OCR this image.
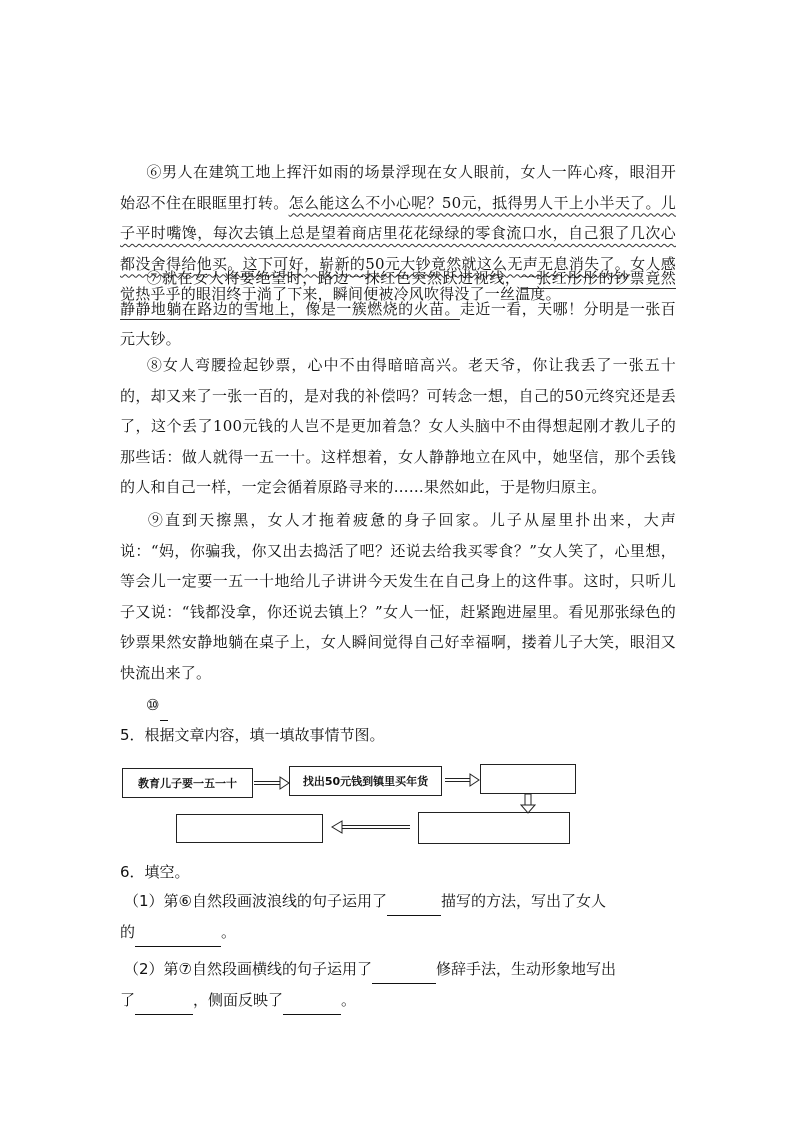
⑥男人在建筑工地上挥汗如雨的场景浮现在女人眼前，女人一阵心疼，眼泪开始忍不住在眼眶里打转。怎么能这么不小心呢？50元，抵得男人干上小半天了。儿子平时嘴馋，每次去镇上总是望着商店里花花绿绿的零食流口水，自己狠了几次心都没舍得给他买。这下可好，崭新的50元大钞竟然就这么无声无息消失了。女人感觉热乎乎的眼泪终于淌了下来，瞬间便被冷风吹得没了一丝温度。
⑦就在女人将要绝望时，路边一抹红色突然跃进视线，一张红彤彤的钞票竟然静静地躺在路边的雪地上，像是一簇燃烧的火苗。走近一看，天哪！分明是一张百元大钞。
⑧女人弯腰捡起钞票，心中不由得暗暗高兴。老天爷，你让我丢了一张五十的，却又来了一张一百的，是对我的补偿吗？可转念一想，自己的50元终究还是丢了，这个丢了100元钱的人岂不是更加着急？女人头脑中不由得想起刚才教儿子的那些话：做人就得一五一十。这样想着，女人静静地立在风中，她坚信，那个丢钱的人和自己一样，一定会循着原路寻来的……果然如此，于是物归原主。
⑨直到天擦黑，女人才拖着疲惫的身子回家。儿子从屋里扑出来，大声说：“妈，你骗我，你又出去捣活了吧？还说去给我买零食？”女人笑了，心里想，等会儿一定要一五一十地给儿子讲讲今天发生在自己身上的这件事。这时，只听儿子又说：“钱都没拿，你还说去镇上？”女人一怔，赶紧跑进屋里。看见那张绿色的钞票果然安静地躺在桌子上，女人瞬间觉得自己好幸福啊，搂着儿子大笑，眼泪又快流出来了。
⑩
5．根据文章内容，填一填故事情节图。
教育儿子要一五一十	找出50元钱到镇里买年货
6．填空。
（1）第⑥自然段画波浪线的句子运用了	描写的方法，写出了女人
的	。
（2）第⑦自然段画横线的句子运用了	修辞手法，生动形象地写出
了	，侧面反映了	。
